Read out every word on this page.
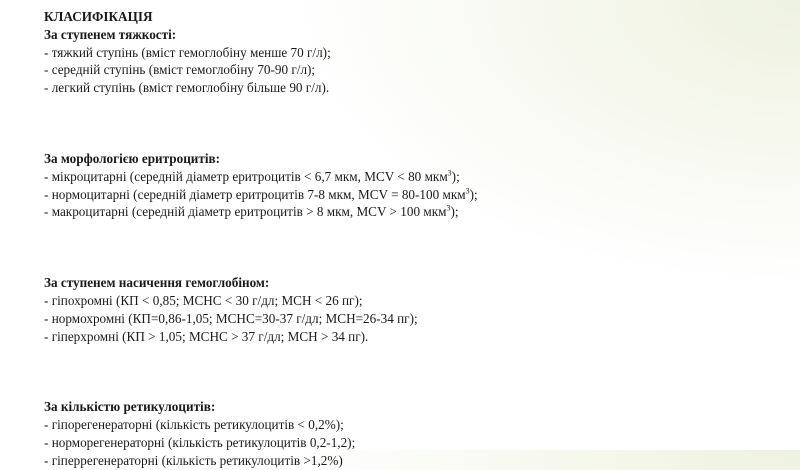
КЛАСИФІКАЦІЯ

За ступенем тяжкості:

- тяжкий ступінь (вміст гемоглобіну менше 70 г/л);

- середній ступінь (вміст гемоглобіну 70-90 г/л);

- легкий ступінь (вміст гемоглобіну більше 90 г/л).

За морфологією еритроцитів:

- мікроцитарні (середній діаметр еритроцитів < 6,7 мкм, MCV < 80 мкм$^3$);

- нормоцитарні (середній діаметр еритроцитів 7-8 мкм, MCV = 80-100 мкм$^3$);

- макроцитарні (середній діаметр еритроцитів > 8 мкм, MCV > 100 мкм$^3$);

За ступенем насичення гемоглобіном:

- гіпохромні (КП < 0,85; MCHC < 30 г/дл; MCH < 26 пг);

- нормохромні (КП=0,86-1,05; MCHC=30-37 г/дл; MCH=26-34 пг);

- гіперхромні (КП > 1,05; MCHC > 37 г/дл; MCH > 34 пг).

За кількістю ретикулоцитів:

- гіпорегенераторні (кількість ретикулоцитів < 0,2%);

- норморегенераторні (кількість ретикулоцитів 0,2-1,2);

- гіперрегенераторні (кількість ретикулоцитів >1,2%)
